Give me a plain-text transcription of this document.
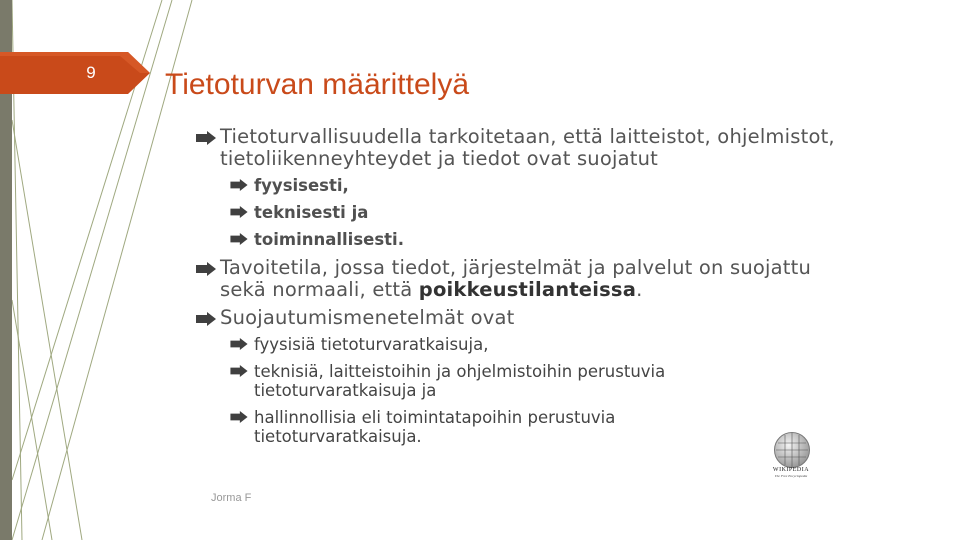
9	Tietoturvan määrittelyä
Tietoturvallisuudella tarkoitetaan, että laitteistot, ohjelmistot, tietoliikenneyhteydet ja tiedot ovat suojatut
fyysisesti,
teknisesti ja
toiminnallisesti.
Tavoitetila, jossa tiedot, järjestelmät ja palvelut on suojattu sekä normaali, että poikkeustilanteissa.
Suojautumismenetelmät ovat
fyysisiä tietoturvaratkaisuja,
teknisiä, laitteistoihin ja ohjelmistoihin perustuvia tietoturvaratkaisuja ja
hallinnollisia eli toimintatapoihin perustuvia tietoturvaratkaisuja.
Jorma F
WIKIPEDIA
The Free Encyclopedia
